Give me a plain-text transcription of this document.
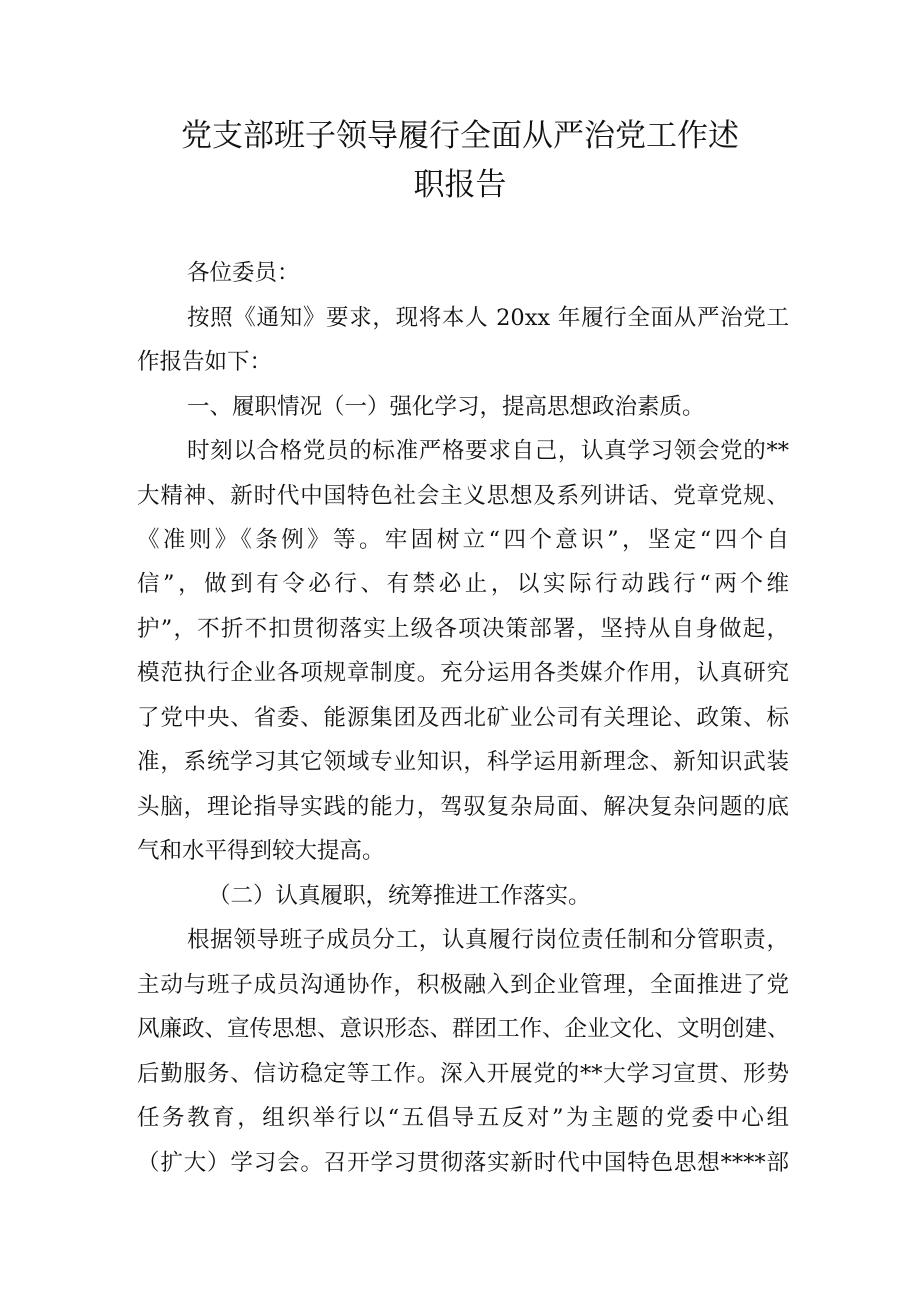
党支部班子领导履行全面从严治党工作述
职报告
各位委员：
按照《通知》要求，现将本人 20xx 年履行全面从严治党工
作报告如下：
一、履职情况（一）强化学习，提高思想政治素质。
时刻以合格党员的标准严格要求自己，认真学习领会党的**
大精神、新时代中国特色社会主义思想及系列讲话、党章党规、
《准则》《条例》等。牢固树立“四个意识”，坚定“四个自
信”，做到有令必行、有禁必止，以实际行动践行“两个维
护”，不折不扣贯彻落实上级各项决策部署，坚持从自身做起，
模范执行企业各项规章制度。充分运用各类媒介作用，认真研究
了党中央、省委、能源集团及西北矿业公司有关理论、政策、标
准，系统学习其它领域专业知识，科学运用新理念、新知识武装
头脑，理论指导实践的能力，驾驭复杂局面、解决复杂问题的底
气和水平得到较大提高。
（二）认真履职，统筹推进工作落实。
根据领导班子成员分工，认真履行岗位责任制和分管职责，
主动与班子成员沟通协作，积极融入到企业管理，全面推进了党
风廉政、宣传思想、意识形态、群团工作、企业文化、文明创建、
后勤服务、信访稳定等工作。深入开展党的**大学习宣贯、形势
任务教育，组织举行以“五倡导五反对”为主题的党委中心组
（扩大）学习会。召开学习贯彻落实新时代中国特色思想****部
